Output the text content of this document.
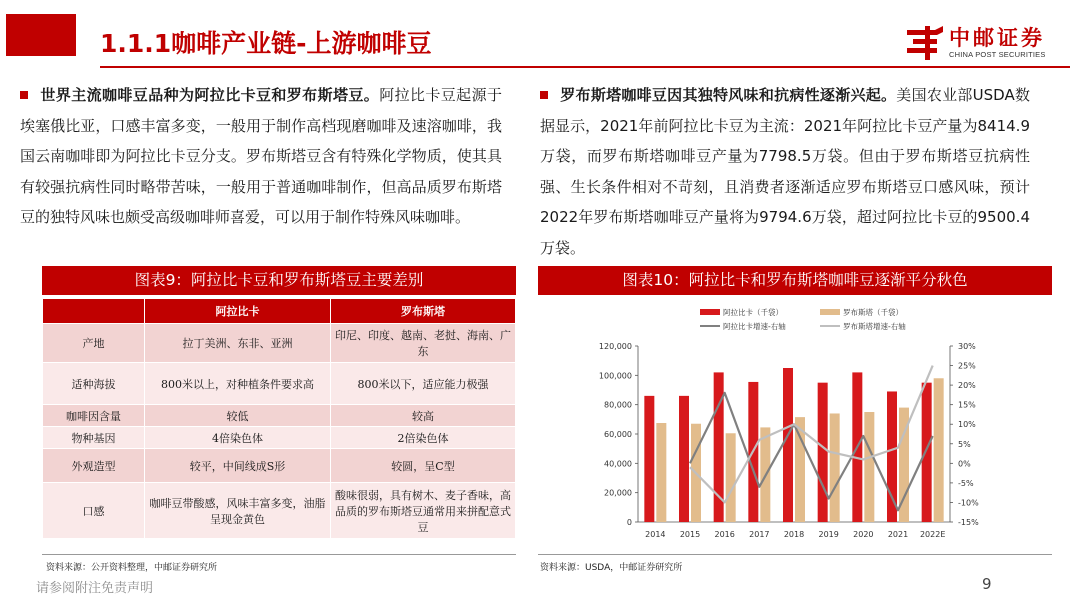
1.1.1咖啡产业链-上游咖啡豆	中邮证券
CHINA POST SECURITIES
世界主流咖啡豆品种为阿拉比卡豆和罗布斯塔豆。阿拉比卡豆起源于埃塞俄比亚，口感丰富多变，一般用于制作高档现磨咖啡及速溶咖啡，我国云南咖啡即为阿拉比卡豆分支。罗布斯塔豆含有特殊化学物质，使其具有较强抗病性同时略带苦味，一般用于普通咖啡制作，但高品质罗布斯塔豆的独特风味也颇受高级咖啡师喜爱，可以用于制作特殊风味咖啡。
罗布斯塔咖啡豆因其独特风味和抗病性逐渐兴起。美国农业部USDA数据显示，2021年前阿拉比卡豆为主流：2021年阿拉比卡豆产量为8414.9万袋，而罗布斯塔咖啡豆产量为7798.5万袋。但由于罗布斯塔豆抗病性强、生长条件相对不苛刻，且消费者逐渐适应罗布斯塔豆口感风味，预计2022年罗布斯塔咖啡豆产量将为9794.6万袋，超过阿拉比卡豆的9500.4万袋。
图表9：阿拉比卡豆和罗布斯塔豆主要差别
	阿拉比卡	罗布斯塔
产地	拉丁美洲、东非、亚洲	印尼、印度、越南、老挝、海南、广东
适种海拔	800米以上，对种植条件要求高	800米以下，适应能力极强
咖啡因含量	较低	较高
物种基因	4倍染色体	2倍染色体
外观造型	较平，中间线成S形	较圆，呈C型
口感	咖啡豆带酸感，风味丰富多变，油脂呈现金黄色	酸味很弱，具有树木、麦子香味，高品质的罗布斯塔豆通常用来拼配意式豆
图表10：阿拉比卡和罗布斯塔咖啡豆逐渐平分秋色
阿拉比卡（千袋）	罗布斯塔（千袋）
阿拉比卡增速-右轴	罗布斯塔增速-右轴
0
20,000
40,000
60,000
80,000
100,000
120,000
-15%
-10%
-5%
0%
5%
10%
15%
20%
25%
30%
2014 2015 2016 2017 2018 2019 2020 2021 2022E
资料来源：公开资料整理，中邮证券研究所	资料来源：USDA，中邮证券研究所
请参阅附注免责声明	9
